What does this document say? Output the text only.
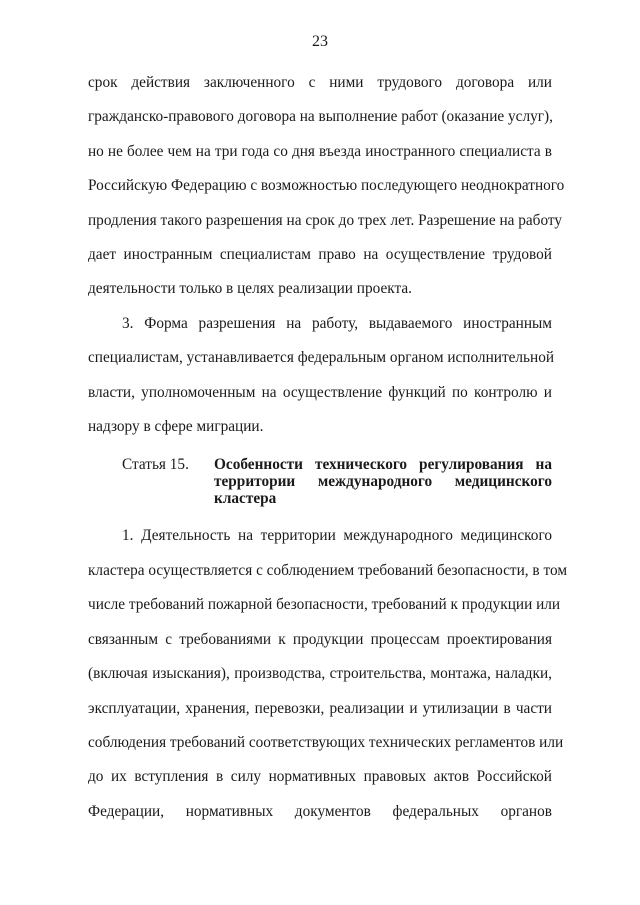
23

срок действия заключенного с ними трудового договора или
гражданско-правового договора на выполнение работ (оказание услуг),
но не более чем на три года со дня въезда иностранного специалиста в
Российскую Федерацию с возможностью последующего неоднократного
продления такого разрешения на срок до трех лет. Разрешение на работу
дает иностранным специалистам право на осуществление трудовой
деятельности только в целях реализации проекта.

3. Форма разрешения на работу, выдаваемого иностранным
специалистам, устанавливается федеральным органом исполнительной
власти, уполномоченным на осуществление функций по контролю и
надзору в сфере миграции.

Статья 15.	Особенности технического регулирования на
территории международного медицинского
кластера

1. Деятельность на территории международного медицинского
кластера осуществляется с соблюдением требований безопасности, в том
числе требований пожарной безопасности, требований к продукции или
связанным с требованиями к продукции процессам проектирования
(включая изыскания), производства, строительства, монтажа, наладки,
эксплуатации, хранения, перевозки, реализации и утилизации в части
соблюдения требований соответствующих технических регламентов или
до их вступления в силу нормативных правовых актов Российской
Федерации, нормативных документов федеральных органов
